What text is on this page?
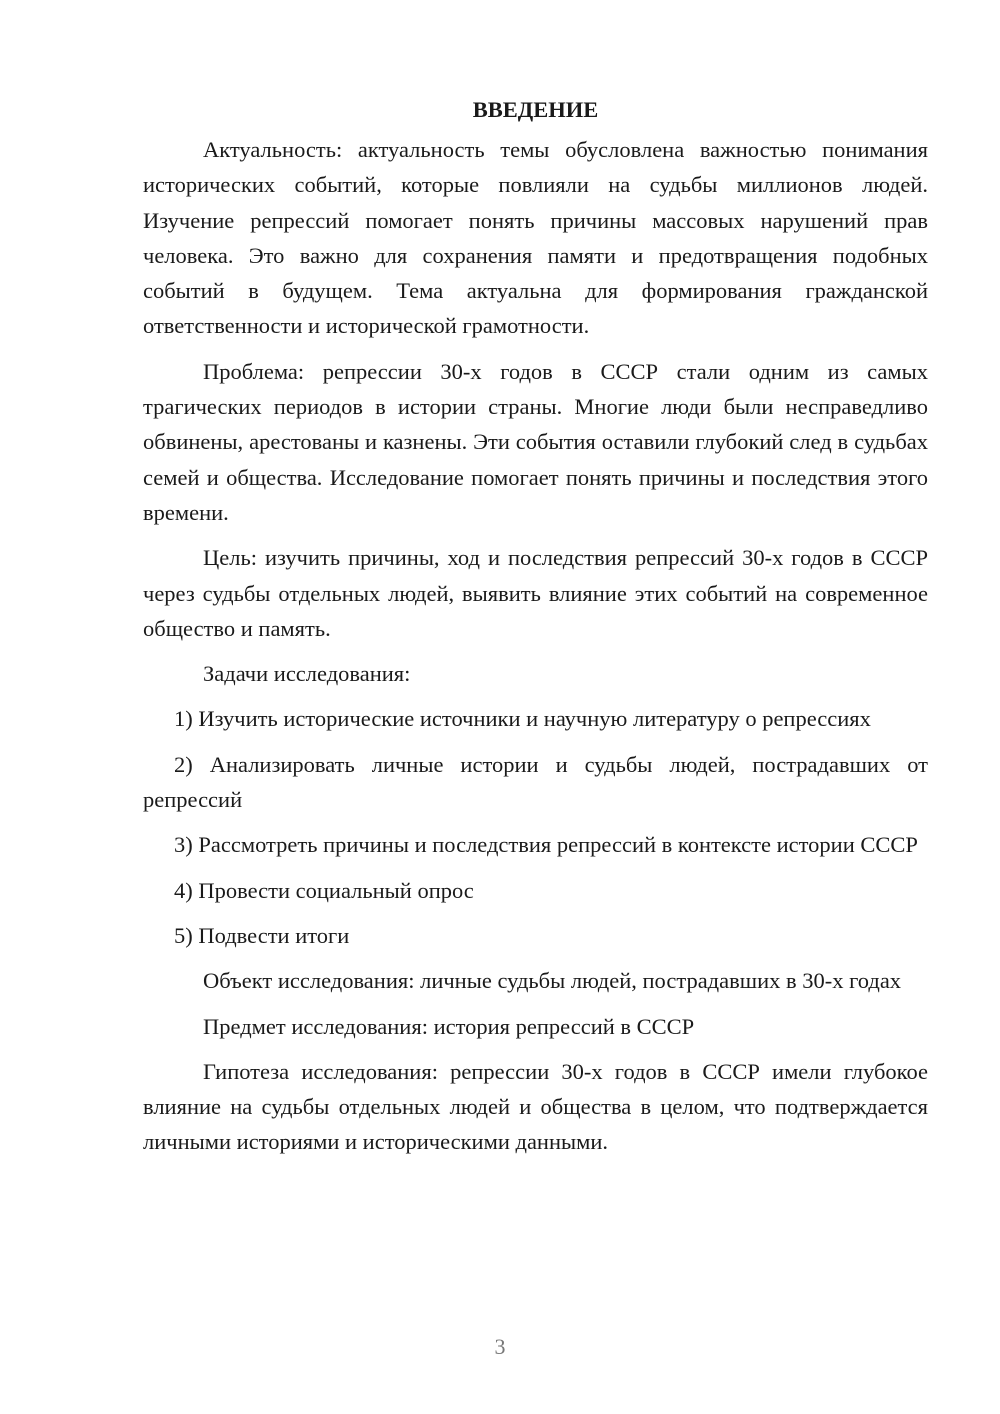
ВВЕДЕНИЕ

Актуальность: актуальность темы обусловлена важностью понимания исторических событий, которые повлияли на судьбы миллионов людей. Изучение репрессий помогает понять причины массовых нарушений прав человека. Это важно для сохранения памяти и предотвращения подобных событий в будущем. Тема актуальна для формирования гражданской ответственности и исторической грамотности.

Проблема: репрессии 30-х годов в СССР стали одним из самых трагических периодов в истории страны. Многие люди были несправедливо обвинены, арестованы и казнены. Эти события оставили глубокий след в судьбах семей и общества. Исследование помогает понять причины и последствия этого времени.

Цель: изучить причины, ход и последствия репрессий 30-х годов в СССР через судьбы отдельных людей, выявить влияние этих событий на современное общество и память.

Задачи исследования:

1) Изучить исторические источники и научную литературу о репрессиях

2) Анализировать личные истории и судьбы людей, пострадавших от репрессий

3) Рассмотреть причины и последствия репрессий в контексте истории СССР

4) Провести социальный опрос

5) Подвести итоги

Объект исследования: личные судьбы людей, пострадавших в 30-х годах

Предмет исследования: история репрессий в СССР

Гипотеза исследования: репрессии 30-х годов в СССР имели глубокое влияние на судьбы отдельных людей и общества в целом, что подтверждается личными историями и историческими данными.

3
